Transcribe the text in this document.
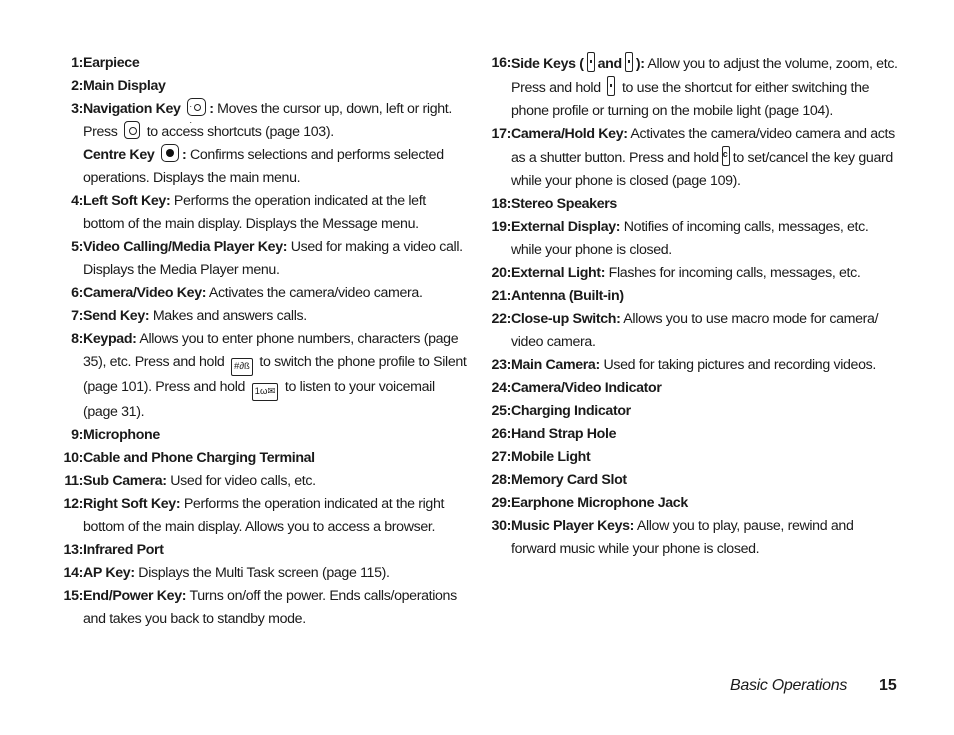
1: Earpiece
2: Main Display
3: Navigation Key · · : Moves the cursor up, down, left or right. Press to access shortcuts (page 103).
Centre Key : Confirms selections and performs selected operations. Displays the main menu.
4: Left Soft Key: Performs the operation indicated at the left bottom of the main display. Displays the Message menu.
5: Video Calling/Media Player Key: Used for making a video call. Displays the Media Player menu.
6: Camera/Video Key: Activates the camera/video camera.
7: Send Key: Makes and answers calls.
8: Keypad: Allows you to enter phone numbers, characters (page 35), etc. Press and hold #∂ß to switch the phone profile to Silent (page 101). Press and hold 1ω✉ to listen to your voicemail (page 31).
9: Microphone
10: Cable and Phone Charging Terminal
11: Sub Camera: Used for video calls, etc.
12: Right Soft Key: Performs the operation indicated at the right bottom of the main display. Allows you to access a browser.
13: Infrared Port
14: AP Key: Displays the Multi Task screen (page 115).
15: End/Power Key: Turns on/off the power. Ends calls/operations and takes you back to standby mode.
16: Side Keys ( and ): Allow you to adjust the volume, zoom, etc. Press and hold to use the shortcut for either switching the phone profile or turning on the mobile light (page 104).
17: Camera/Hold Key: Activates the camera/video camera and acts as a shutter button. Press and hold c to set/cancel the key guard while your phone is closed (page 109).
18: Stereo Speakers
19: External Display: Notifies of incoming calls, messages, etc. while your phone is closed.
20: External Light: Flashes for incoming calls, messages, etc.
21: Antenna (Built-in)
22: Close-up Switch: Allows you to use macro mode for camera/ video camera.
23: Main Camera: Used for taking pictures and recording videos.
24: Camera/Video Indicator
25: Charging Indicator
26: Hand Strap Hole
27: Mobile Light
28: Memory Card Slot
29: Earphone Microphone Jack
30: Music Player Keys: Allow you to play, pause, rewind and forward music while your phone is closed.
Basic Operations 15
